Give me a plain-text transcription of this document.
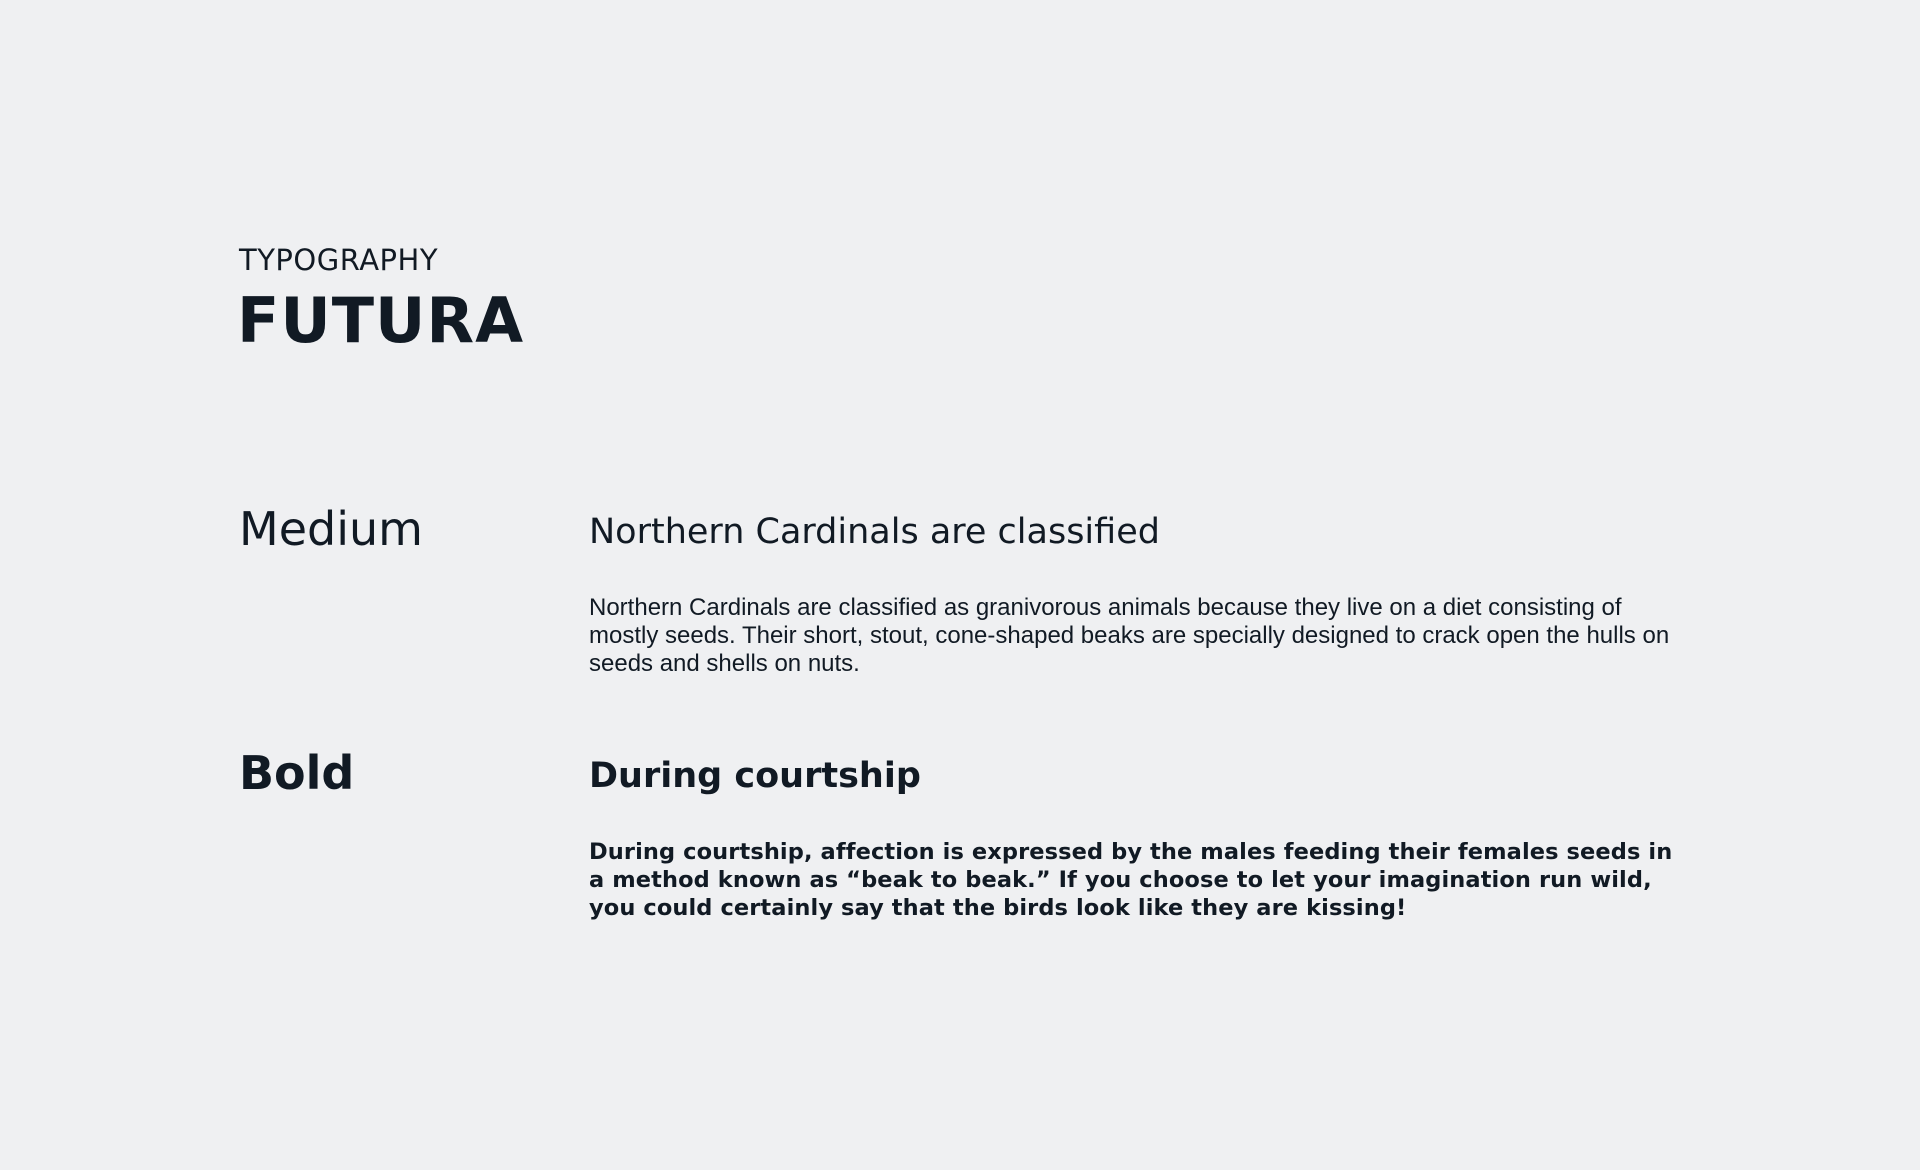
TYPOGRAPHY
FUTURA
Medium	Northern Cardinals are classified

Northern Cardinals are classified as granivorous animals because they live on a diet consisting of mostly seeds. Their short, stout, cone-shaped beaks are specially designed to crack open the hulls on seeds and shells on nuts.

Bold	During courtship

During courtship, affection is expressed by the males feeding their females seeds in a method known as “beak to beak.” If you choose to let your imagination run wild, you could certainly say that the birds look like they are kissing!
